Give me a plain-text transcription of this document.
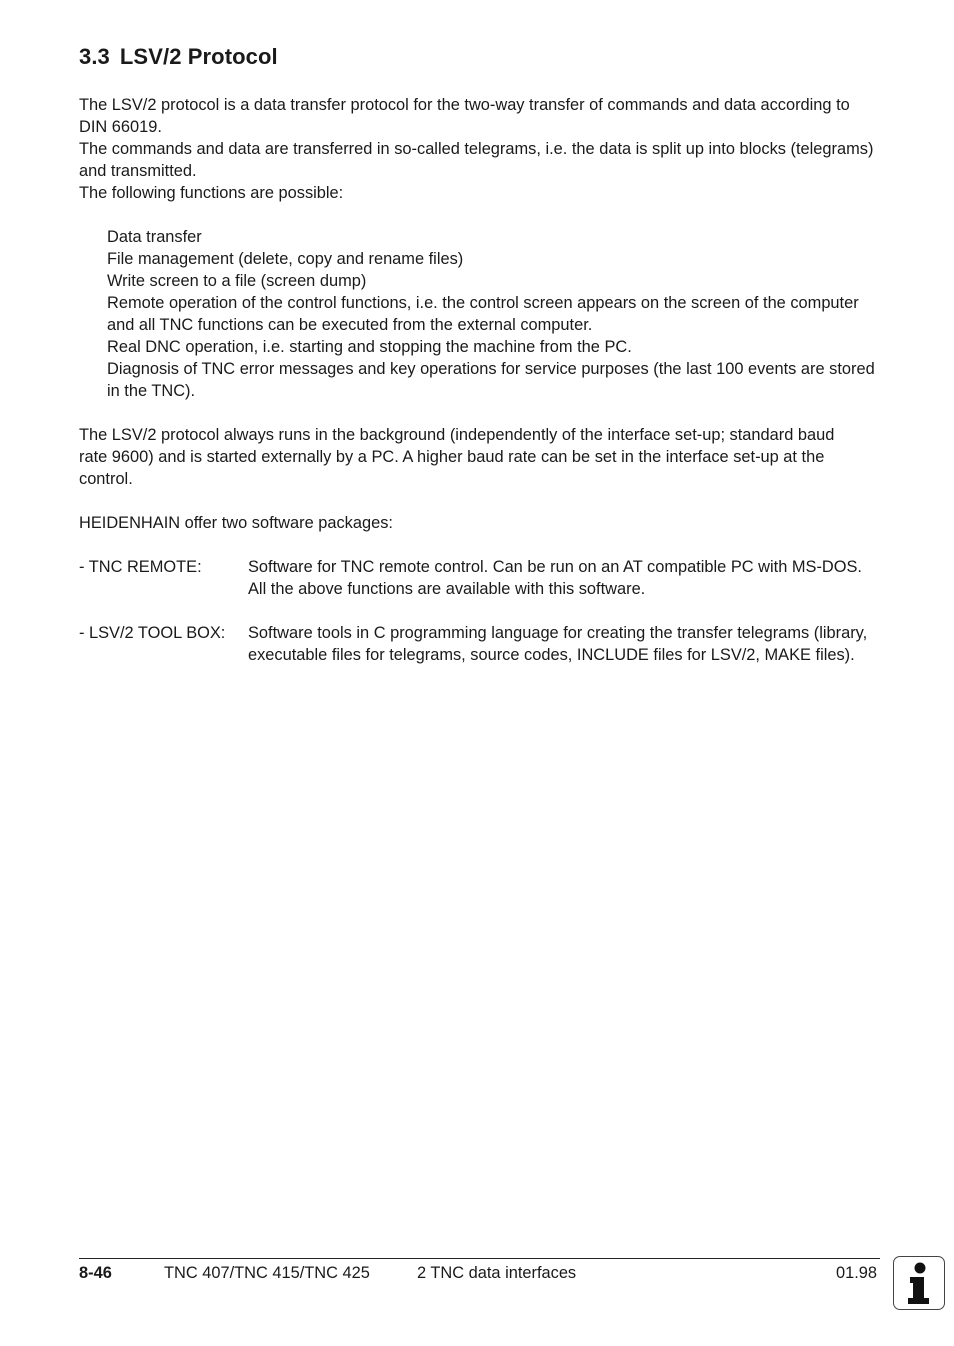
3.3 LSV/2 Protocol

The LSV/2 protocol is a data transfer protocol for the two-way transfer of commands and data according to DIN 66019.

The commands and data are transferred in so-called telegrams, i.e. the data is split up into blocks (telegrams) and transmitted.

The following functions are possible:

Data transfer
File management (delete, copy and rename files)
Write screen to a file (screen dump)
Remote operation of the control functions, i.e. the control screen appears on the screen of the computer and all TNC functions can be executed from the external computer.
Real DNC operation, i.e. starting and stopping the machine from the PC.
Diagnosis of TNC error messages and key operations for service purposes (the last 100 events are stored in the TNC).

The LSV/2 protocol always runs in the background (independently of the interface set-up; standard baud

rate 9600) and is started externally by a PC. A higher baud rate can be set in the interface set-up at the control.

HEIDENHAIN offer two software packages:

- TNC REMOTE:	Software for TNC remote control. Can be run on an AT compatible PC with MS-DOS. All the above functions are available with this software.
- LSV/2 TOOL BOX:	Software tools in C programming language for creating the transfer telegrams (library, executable files for telegrams, source codes, INCLUDE files for LSV/2, MAKE files).
8-46	TNC 407/TNC 415/TNC 425	2 TNC data interfaces	01.98
